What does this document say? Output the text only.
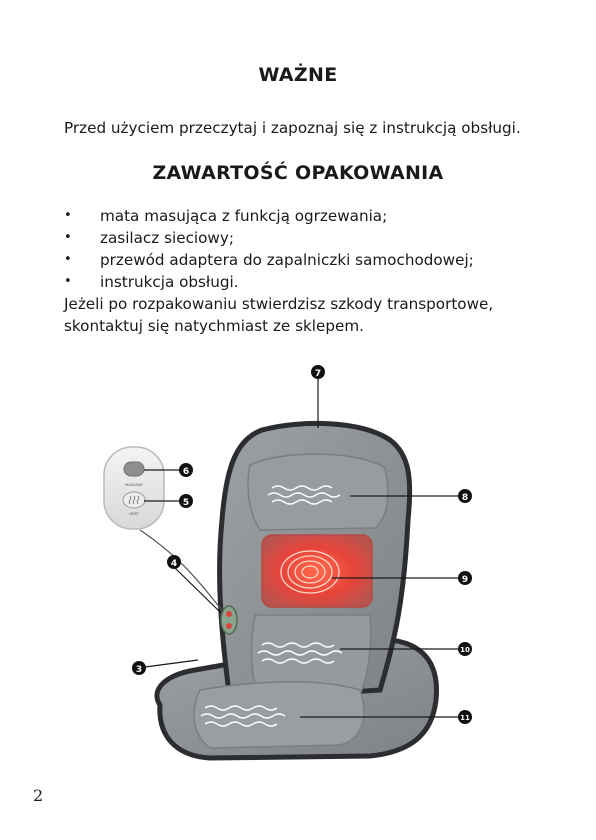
WAŻNE

Przed użyciem przeczytaj i zapoznaj się z instrukcją obsługi.

ZAWARTOŚĆ OPAKOWANIA
• mata masująca z funkcją ogrzewania;
• zasilacz sieciowy;
• przewód adaptera do zapalniczki samochodowej;
• instrukcja obsługi.

Jeżeli po rozpakowaniu stwierdzisz szkody transportowe, skontaktuj się natychmiast ze sklepem.

MASSAGE
HEAT
6
5
4
3
7
8
9
10
11
2
